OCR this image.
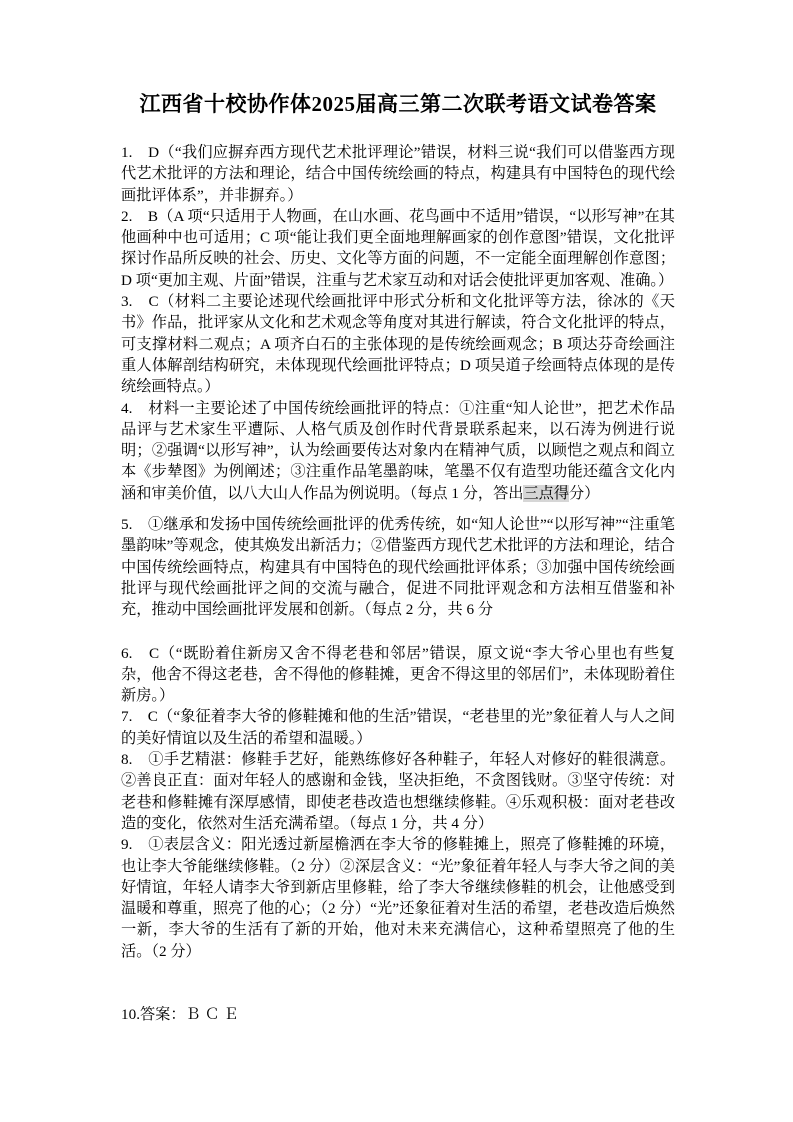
江西省十校协作体2025届高三第二次联考语文试卷答案

1.　D（“我们应摒弃西方现代艺术批评理论”错误，材料三说“我们可以借鉴西方现代艺术批评的方法和理论，结合中国传统绘画的特点，构建具有中国特色的现代绘画批评体系”，并非摒弃。）

2.　B（A 项“只适用于人物画，在山水画、花鸟画中不适用”错误，“以形写神”在其他画种中也可适用；C 项“能让我们更全面地理解画家的创作意图”错误，文化批评探讨作品所反映的社会、历史、文化等方面的问题，不一定能全面理解创作意图；D 项“更加主观、片面”错误，注重与艺术家互动和对话会使批评更加客观、准确。）

3.　C（材料二主要论述现代绘画批评中形式分析和文化批评等方法，徐冰的《天书》作品，批评家从文化和艺术观念等角度对其进行解读，符合文化批评的特点，可支撑材料二观点；A 项齐白石的主张体现的是传统绘画观念；B 项达芬奇绘画注重人体解剖结构研究，未体现现代绘画批评特点；D 项吴道子绘画特点体现的是传统绘画特点。）

4.　材料一主要论述了中国传统绘画批评的特点：①注重“知人论世”，把艺术作品品评与艺术家生平遭际、人格气质及创作时代背景联系起来，以石涛为例进行说明；②强调“以形写神”，认为绘画要传达对象内在精神气质，以顾恺之观点和阎立本《步辇图》为例阐述；③注重作品笔墨韵味，笔墨不仅有造型功能还蕴含文化内涵和审美价值，以八大山人作品为例说明。（每点 1 分，答出三点得分）

5.　①继承和发扬中国传统绘画批评的优秀传统，如“知人论世”“以形写神”“注重笔墨韵味”等观念，使其焕发出新活力；②借鉴西方现代艺术批评的方法和理论，结合中国传统绘画特点，构建具有中国特色的现代绘画批评体系；③加强中国传统绘画批评与现代绘画批评之间的交流与融合，促进不同批评观念和方法相互借鉴和补充，推动中国绘画批评发展和创新。（每点 2 分，共 6 分

6.　C（“既盼着住新房又舍不得老巷和邻居”错误，原文说“李大爷心里也有些复杂，他舍不得这老巷，舍不得他的修鞋摊，更舍不得这里的邻居们”，未体现盼着住新房。）

7.　C（“象征着李大爷的修鞋摊和他的生活”错误，“老巷里的光”象征着人与人之间的美好情谊以及生活的希望和温暖。）

8.　①手艺精湛：修鞋手艺好，能熟练修好各种鞋子，年轻人对修好的鞋很满意。②善良正直：面对年轻人的感谢和金钱，坚决拒绝，不贪图钱财。③坚守传统：对老巷和修鞋摊有深厚感情，即使老巷改造也想继续修鞋。④乐观积极：面对老巷改造的变化，依然对生活充满希望。（每点 1 分，共 4 分）

9.　①表层含义：阳光透过新屋檐洒在李大爷的修鞋摊上，照亮了修鞋摊的环境，也让李大爷能继续修鞋。（2 分）②深层含义：“光”象征着年轻人与李大爷之间的美好情谊，年轻人请李大爷到新店里修鞋，给了李大爷继续修鞋的机会，让他感受到温暖和尊重，照亮了他的心；（2 分）“光”还象征着对生活的希望，老巷改造后焕然一新，李大爷的生活有了新的开始，他对未来充满信心，这种希望照亮了他的生活。（2 分）

10.答案：Ｂ Ｃ Ｅ
